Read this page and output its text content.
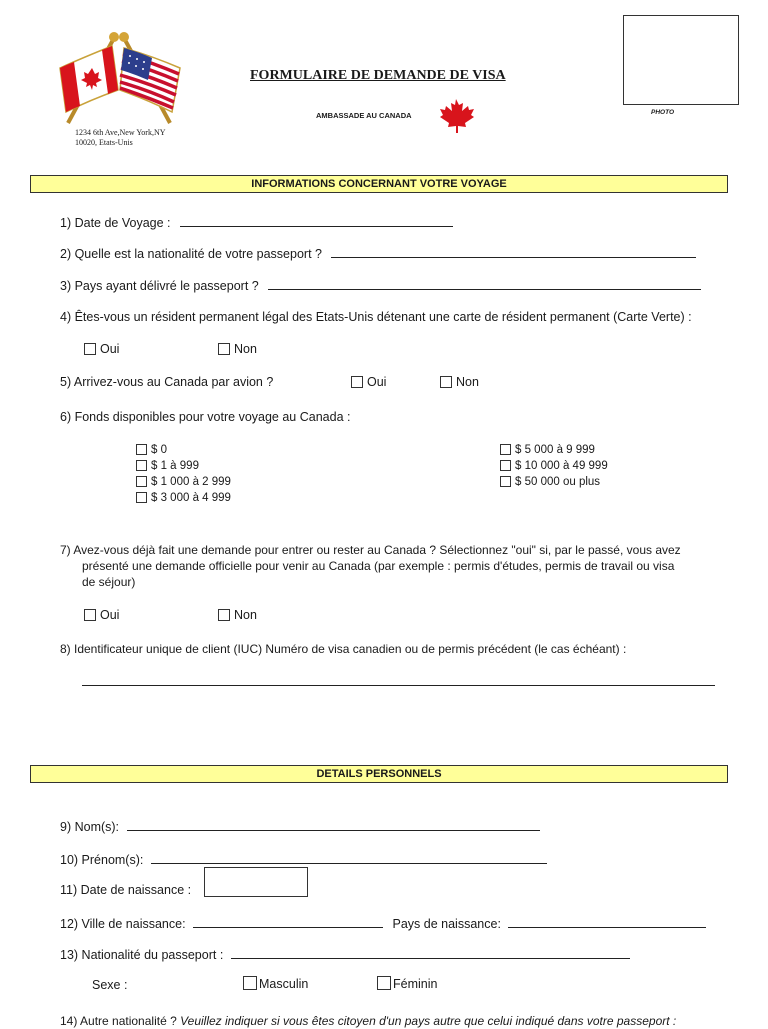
1234 6th Ave,New York,NY
10020, Etats-Unis
FORMULAIRE DE DEMANDE DE VISA
AMBASSADE AU CANADA	PHOTO
INFORMATIONS CONCERNANT VOTRE VOYAGE
1) Date de Voyage :
2) Quelle est la nationalité de votre passeport ?
3) Pays ayant délivré le passeport ?
4) Êtes-vous un résident permanent légal des Etats-Unis détenant une carte de résident permanent (Carte Verte) :
Oui	Non
5) Arrivez-vous au Canada par avion ?	Oui	Non
6) Fonds disponibles pour votre voyage au Canada :
$ 0
$ 1 à 999
$ 1 000 à 2 999
$ 3 000 à 4 999
$ 5 000 à 9 999
$ 10 000 à 49 999
$ 50 000 ou plus
7) Avez-vous déjà fait une demande pour entrer ou rester au Canada ? Sélectionnez "oui" si, par le passé, vous avez
présenté une demande officielle pour venir au Canada (par exemple : permis d'études, permis de travail ou visa
de séjour)
Oui	Non
8) Identificateur unique de client (IUC) Numéro de visa canadien ou de permis précédent (le cas échéant) :
DETAILS PERSONNELS
9) Nom(s):
10) Prénom(s):
11) Date de naissance :
12) Ville de naissance:	Pays de naissance:
13) Nationalité du passeport :
Sexe :	Masculin	Féminin
14) Autre nationalité ? Veuillez indiquer si vous êtes citoyen d'un pays autre que celui indiqué dans votre passeport :
